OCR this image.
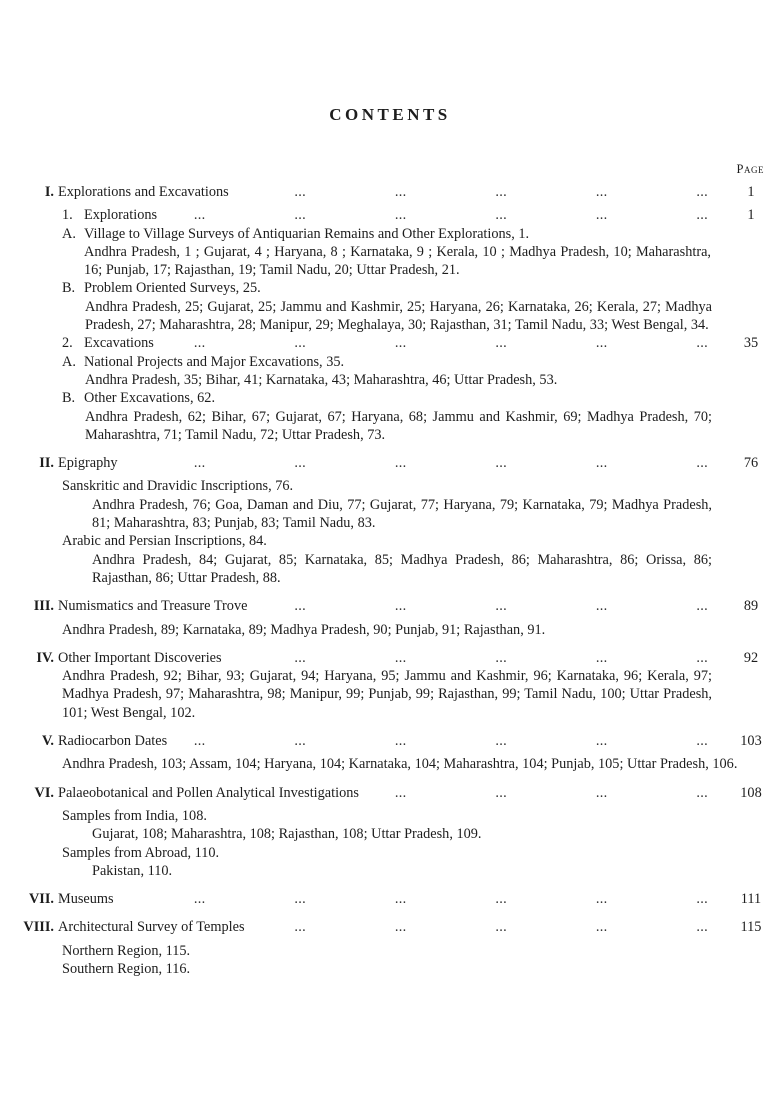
CONTENTS
Page
I. Explorations and Excavations ...	1
1. Explorations ...	1
A. Village to Village Surveys of Antiquarian Remains and Other Explorations, 1.
Andhra Pradesh, 1 ; Gujarat, 4 ; Haryana, 8 ; Karnataka, 9 ; Kerala, 10 ; Madhya Pradesh, 10; Maharashtra, 16; Punjab, 17; Rajasthan, 19; Tamil Nadu, 20; Uttar Pradesh, 21.
B. Problem Oriented Surveys, 25.
Andhra Pradesh, 25; Gujarat, 25; Jammu and Kashmir, 25; Haryana, 26; Karnataka, 26; Kerala, 27; Madhya Pradesh, 27; Maharashtra, 28; Manipur, 29; Meghalaya, 30; Rajasthan, 31; Tamil Nadu, 33; West Bengal, 34.
2. Excavations ...	35
A. National Projects and Major Excavations, 35.
Andhra Pradesh, 35; Bihar, 41; Karnataka, 43; Maharashtra, 46; Uttar Pradesh, 53.
B. Other Excavations, 62.
Andhra Pradesh, 62; Bihar, 67; Gujarat, 67; Haryana, 68; Jammu and Kashmir, 69; Madhya Pradesh, 70; Maharashtra, 71; Tamil Nadu, 72; Uttar Pradesh, 73.
II. Epigraphy ...	76
Sanskritic and Dravidic Inscriptions, 76.
Andhra Pradesh, 76; Goa, Daman and Diu, 77; Gujarat, 77; Haryana, 79; Karnataka, 79; Madhya Pradesh, 81; Maharashtra, 83; Punjab, 83; Tamil Nadu, 83.
Arabic and Persian Inscriptions, 84.
Andhra Pradesh, 84; Gujarat, 85; Karnataka, 85; Madhya Pradesh, 86; Maharashtra, 86; Orissa, 86; Rajasthan, 86; Uttar Pradesh, 88.
III. Numismatics and Treasure Trove ...	89
Andhra Pradesh, 89; Karnataka, 89; Madhya Pradesh, 90; Punjab, 91; Rajasthan, 91.
IV. Other Important Discoveries ...	92
Andhra Pradesh, 92; Bihar, 93; Gujarat, 94; Haryana, 95; Jammu and Kashmir, 96; Karnataka, 96; Kerala, 97; Madhya Pradesh, 97; Maharashtra, 98; Manipur, 99; Punjab, 99; Rajasthan, 99; Tamil Nadu, 100; Uttar Pradesh, 101; West Bengal, 102.
V. Radiocarbon Dates ...	103
Andhra Pradesh, 103; Assam, 104; Haryana, 104; Karnataka, 104; Maharashtra, 104; Punjab, 105; Uttar Pradesh, 106.
VI. Palaeobotanical and Pollen Analytical Investigations ...	108
Samples from India, 108.
Gujarat, 108; Maharashtra, 108; Rajasthan, 108; Uttar Pradesh, 109.
Samples from Abroad, 110.
Pakistan, 110.
VII. Museums ...	111
VIII. Architectural Survey of Temples ...	115
Northern Region, 115.
Southern Region, 116.
